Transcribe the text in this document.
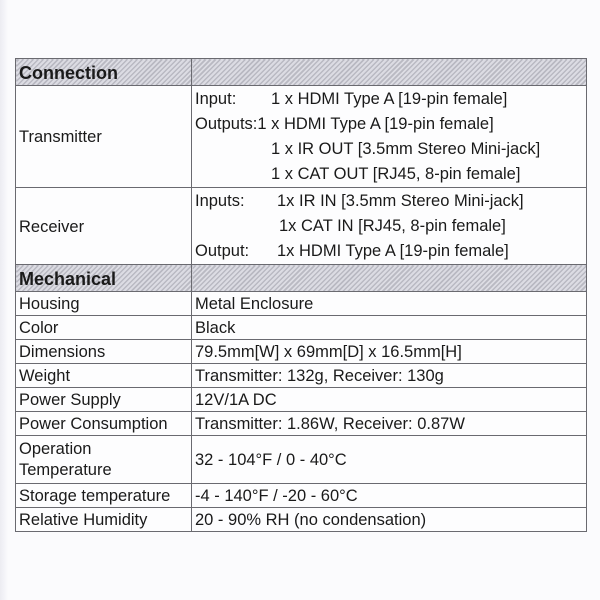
Connection	
Transmitter	Input: 1 x HDMI Type A [19-pin female]
Outputs:1 x HDMI Type A [19-pin female]
1 x IR OUT [3.5mm Stereo Mini-jack]
1 x CAT OUT [RJ45, 8-pin female]

Receiver	Inputs: 1x IR IN [3.5mm Stereo Mini-jack]
1x CAT IN [RJ45, 8-pin female]
Output: 1x HDMI Type A [19-pin female]

Mechanical	
Housing	Metal Enclosure
Color	Black
Dimensions	79.5mm[W] x 69mm[D] x 16.5mm[H]
Weight	Transmitter: 132g, Receiver: 130g
Power Supply	12V/1A DC
Power Consumption	Transmitter: 1.86W, Receiver: 0.87W

Operation
Temperature	32 - 104°F / 0 - 40°C
Storage temperature	-4 - 140°F / -20 - 60°C
Relative Humidity	20 - 90% RH (no condensation)
